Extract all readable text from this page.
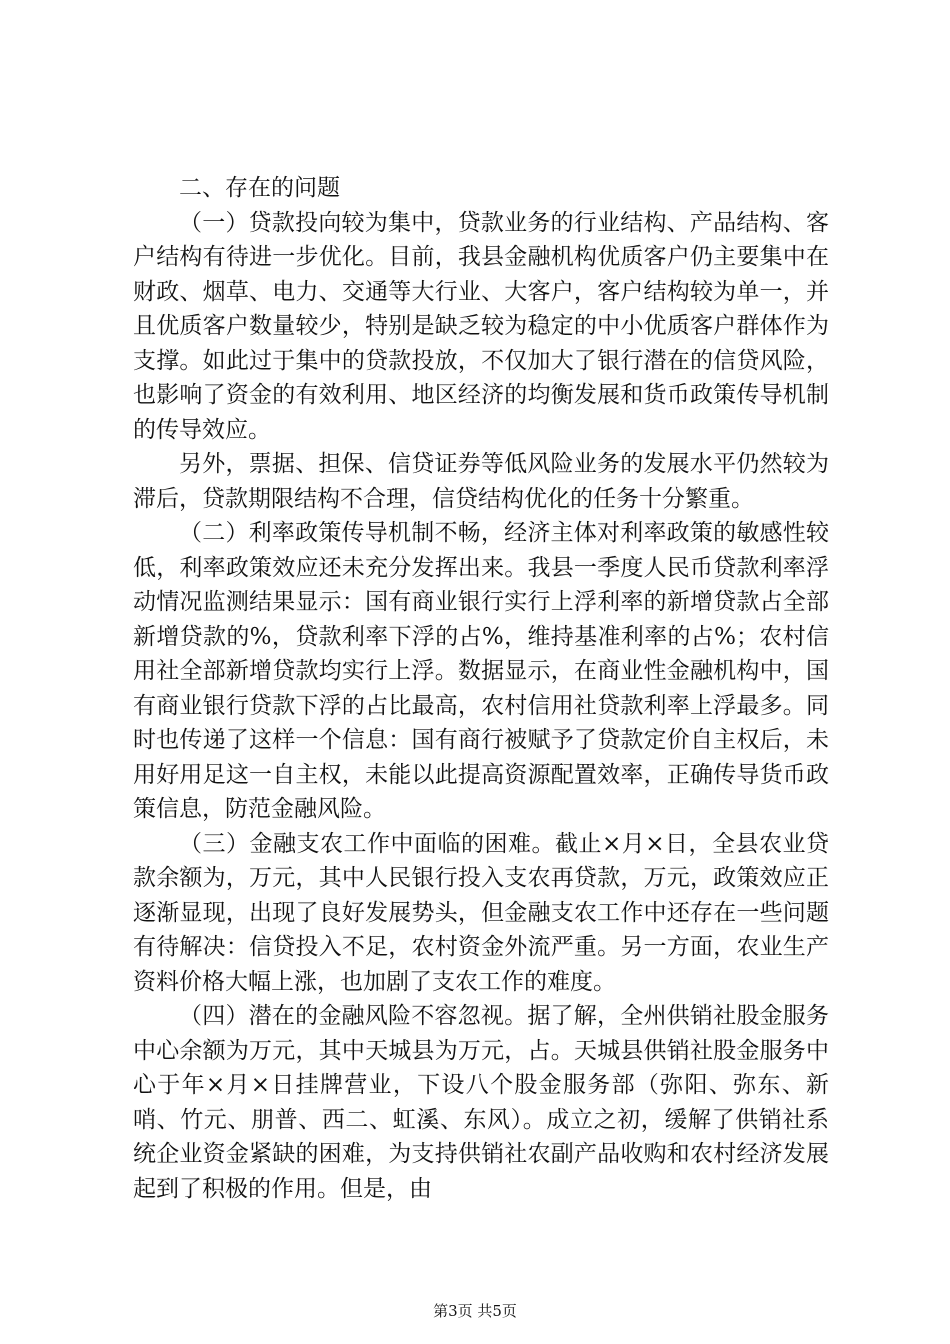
二、存在的问题

（一）贷款投向较为集中，贷款业务的行业结构、产品结构、客户结构有待进一步优化。目前，我县金融机构优质客户仍主要集中在财政、烟草、电力、交通等大行业、大客户，客户结构较为单一，并且优质客户数量较少，特别是缺乏较为稳定的中小优质客户群体作为支撑。如此过于集中的贷款投放，不仅加大了银行潜在的信贷风险，也影响了资金的有效利用、地区经济的均衡发展和货币政策传导机制的传导效应。

另外，票据、担保、信贷证券等低风险业务的发展水平仍然较为滞后，贷款期限结构不合理，信贷结构优化的任务十分繁重。

（二）利率政策传导机制不畅，经济主体对利率政策的敏感性较低，利率政策效应还未充分发挥出来。我县一季度人民币贷款利率浮动情况监测结果显示：国有商业银行实行上浮利率的新增贷款占全部新增贷款的%，贷款利率下浮的占%，维持基准利率的占%；农村信用社全部新增贷款均实行上浮。数据显示，在商业性金融机构中，国有商业银行贷款下浮的占比最高，农村信用社贷款利率上浮最多。同时也传递了这样一个信息：国有商行被赋予了贷款定价自主权后，未用好用足这一自主权，未能以此提高资源配置效率，正确传导货币政策信息，防范金融风险。

（三）金融支农工作中面临的困难。截止×月×日，全县农业贷款余额为，万元，其中人民银行投入支农再贷款，万元，政策效应正逐渐显现，出现了良好发展势头，但金融支农工作中还存在一些问题有待解决：信贷投入不足，农村资金外流严重。另一方面，农业生产资料价格大幅上涨，也加剧了支农工作的难度。

（四）潜在的金融风险不容忽视。据了解，全州供销社股金服务中心余额为万元，其中天城县为万元，占。天城县供销社股金服务中心于年×月×日挂牌营业，下设八个股金服务部（弥阳、弥东、新哨、竹元、朋普、西二、虹溪、东风）。成立之初，缓解了供销社系统企业资金紧缺的困难，为支持供销社农副产品收购和农村经济发展起到了积极的作用。但是，由

第3页 共5页
